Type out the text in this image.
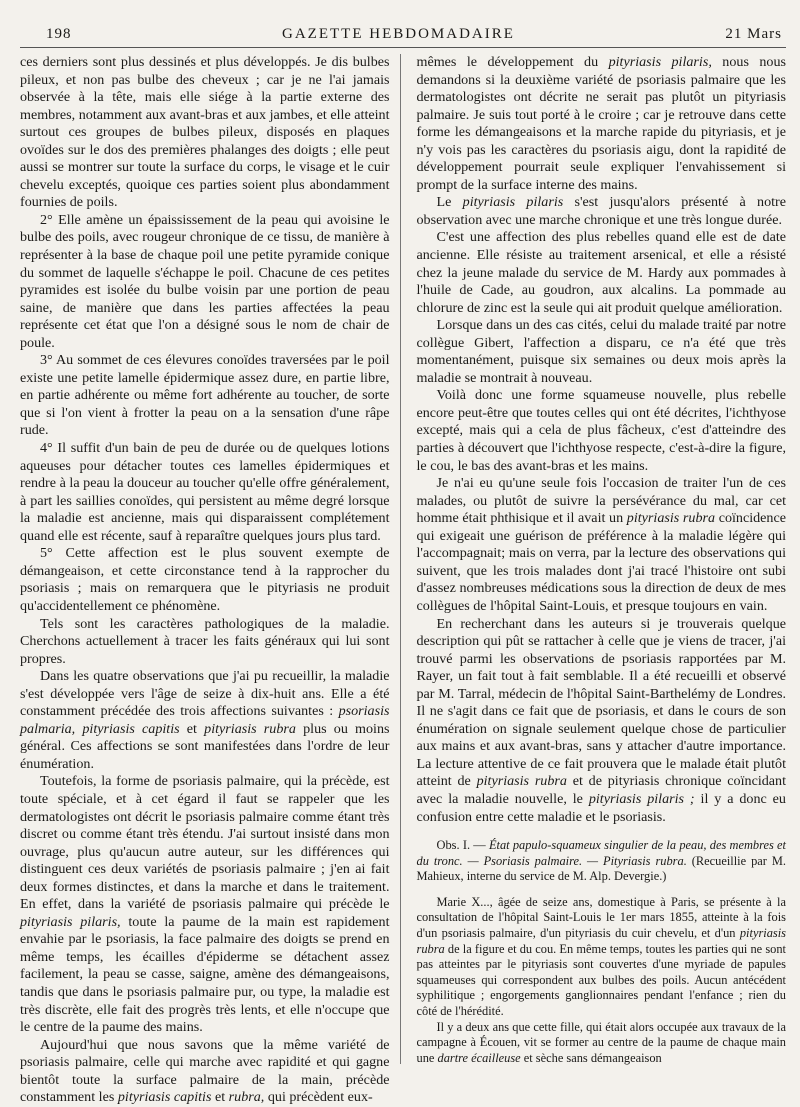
198	GAZETTE HEBDOMADAIRE	21 Mars

ces derniers sont plus dessinés et plus développés. Je dis bulbes pileux, et non pas bulbe des cheveux ; car je ne l'ai jamais observée à la tête, mais elle siége à la partie externe des membres, notamment aux avant-bras et aux jambes, et elle atteint surtout ces groupes de bulbes pileux, disposés en plaques ovoïdes sur le dos des premières phalanges des doigts ; elle peut aussi se montrer sur toute la surface du corps, le visage et le cuir chevelu exceptés, quoique ces parties soient plus abondamment fournies de poils.

2° Elle amène un épaississement de la peau qui avoisine le bulbe des poils, avec rougeur chronique de ce tissu, de manière à représenter à la base de chaque poil une petite pyramide conique du sommet de laquelle s'échappe le poil. Chacune de ces petites pyramides est isolée du bulbe voisin par une portion de peau saine, de manière que dans les parties affectées la peau représente cet état que l'on a désigné sous le nom de chair de poule.

3° Au sommet de ces élevures conoïdes traversées par le poil existe une petite lamelle épidermique assez dure, en partie libre, en partie adhérente ou même fort adhérente au toucher, de sorte que si l'on vient à frotter la peau on a la sensation d'une râpe rude.

4° Il suffit d'un bain de peu de durée ou de quelques lotions aqueuses pour détacher toutes ces lamelles épidermiques et rendre à la peau la douceur au toucher qu'elle offre généralement, à part les saillies conoïdes, qui persistent au même degré lorsque la maladie est ancienne, mais qui disparaissent complétement quand elle est récente, sauf à reparaître quelques jours plus tard.

5° Cette affection est le plus souvent exempte de démangeaison, et cette circonstance tend à la rapprocher du psoriasis ; mais on remarquera que le pityriasis ne produit qu'accidentellement ce phénomène.

Tels sont les caractères pathologiques de la maladie. Cherchons actuellement à tracer les faits généraux qui lui sont propres.

Dans les quatre observations que j'ai pu recueillir, la maladie s'est développée vers l'âge de seize à dix-huit ans. Elle a été constamment précédée des trois affections suivantes : psoriasis palmaria, pityriasis capitis et pityriasis rubra plus ou moins général. Ces affections se sont manifestées dans l'ordre de leur énumération.

Toutefois, la forme de psoriasis palmaire, qui la précède, est toute spéciale, et à cet égard il faut se rappeler que les dermatologistes ont décrit le psoriasis palmaire comme étant très discret ou comme étant très étendu. J'ai surtout insisté dans mon ouvrage, plus qu'aucun autre auteur, sur les différences qui distinguent ces deux variétés de psoriasis palmaire ; j'en ai fait deux formes distinctes, et dans la marche et dans le traitement. En effet, dans la variété de psoriasis palmaire qui précède le pityriasis pilaris, toute la paume de la main est rapidement envahie par le psoriasis, la face palmaire des doigts se prend en même temps, les écailles d'épiderme se détachent assez facilement, la peau se casse, saigne, amène des démangeaisons, tandis que dans le psoriasis palmaire pur, ou type, la maladie est très discrète, elle fait des progrès très lents, et elle n'occupe que le centre de la paume des mains.

Aujourd'hui que nous savons que la même variété de psoriasis palmaire, celle qui marche avec rapidité et qui gagne bientôt toute la surface palmaire de la main, précède constamment les pityriasis capitis et rubra, qui précèdent eux-

mêmes le développement du pityriasis pilaris, nous nous demandons si la deuxième variété de psoriasis palmaire que les dermatologistes ont décrite ne serait pas plutôt un pityriasis palmaire. Je suis tout porté à le croire ; car je retrouve dans cette forme les démangeaisons et la marche rapide du pityriasis, et je n'y vois pas les caractères du psoriasis aigu, dont la rapidité de développement pourrait seule expliquer l'envahissement si prompt de la surface interne des mains.

Le pityriasis pilaris s'est jusqu'alors présenté à notre observation avec une marche chronique et une très longue durée.

C'est une affection des plus rebelles quand elle est de date ancienne. Elle résiste au traitement arsenical, et elle a résisté chez la jeune malade du service de M. Hardy aux pommades à l'huile de Cade, au goudron, aux alcalins. La pommade au chlorure de zinc est la seule qui ait produit quelque amélioration.

Lorsque dans un des cas cités, celui du malade traité par notre collègue Gibert, l'affection a disparu, ce n'a été que très momentanément, puisque six semaines ou deux mois après la maladie se montrait à nouveau.

Voilà donc une forme squameuse nouvelle, plus rebelle encore peut-être que toutes celles qui ont été décrites, l'ichthyose excepté, mais qui a cela de plus fâcheux, c'est d'atteindre des parties à découvert que l'ichthyose respecte, c'est-à-dire la figure, le cou, le bas des avant-bras et les mains.

Je n'ai eu qu'une seule fois l'occasion de traiter l'un de ces malades, ou plutôt de suivre la persévérance du mal, car cet homme était phthisique et il avait un pityriasis rubra coïncidence qui exigeait une guérison de préférence à la maladie légère qui l'accompagnait; mais on verra, par la lecture des observations qui suivent, que les trois malades dont j'ai tracé l'histoire ont subi d'assez nombreuses médications sous la direction de deux de mes collègues de l'hôpital Saint-Louis, et presque toujours en vain.

En recherchant dans les auteurs si je trouverais quelque description qui pût se rattacher à celle que je viens de tracer, j'ai trouvé parmi les observations de psoriasis rapportées par M. Rayer, un fait tout à fait semblable. Il a été recueilli et observé par M. Tarral, médecin de l'hôpital Saint-Barthelémy de Londres. Il ne s'agit dans ce fait que de psoriasis, et dans le cours de son énumération on signale seulement quelque chose de particulier aux mains et aux avant-bras, sans y attacher d'autre importance. La lecture attentive de ce fait prouvera que le malade était plutôt atteint de pityriasis rubra et de pityriasis chronique coïncidant avec la maladie nouvelle, le pityriasis pilaris ; il y a donc eu confusion entre cette maladie et le psoriasis.

Obs. I. — État papulo-squameux singulier de la peau, des membres et du tronc. — Psoriasis palmaire. — Pityriasis rubra. (Recueillie par M. Mahieux, interne du service de M. Alp. Devergie.)

Marie X..., âgée de seize ans, domestique à Paris, se présente à la consultation de l'hôpital Saint-Louis le 1er mars 1855, atteinte à la fois d'un psoriasis palmaire, d'un pityriasis du cuir chevelu, et d'un pityriasis rubra de la figure et du cou. En même temps, toutes les parties qui ne sont pas atteintes par le pityriasis sont couvertes d'une myriade de papules squameuses qui correspondent aux bulbes des poils. Aucun antécédent syphilitique ; engorgements ganglionnaires pendant l'enfance ; rien du côté de l'hérédité.

Il y a deux ans que cette fille, qui était alors occupée aux travaux de la campagne à Écouen, vit se former au centre de la paume de chaque main une dartre écailleuse et sèche sans démangeaison
